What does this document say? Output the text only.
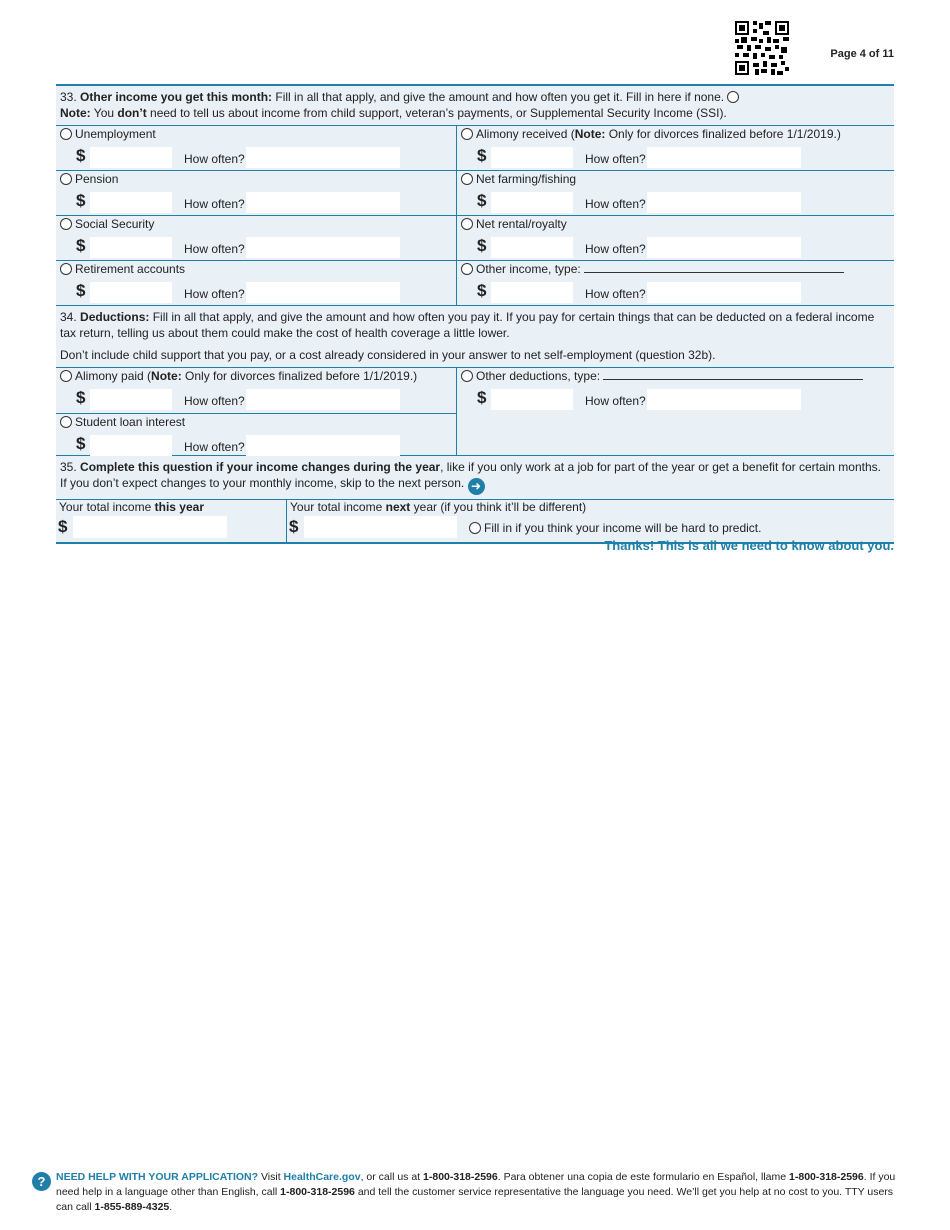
Page 4 of 11
33. Other income you get this month: Fill in all that apply, and give the amount and how often you get it. Fill in here if none.
Note: You don’t need to tell us about income from child support, veteran’s payments, or Supplemental Security Income (SSI).
Unemployment
$	How often?
Alimony received (Note: Only for divorces finalized before 1/1/2019.)
$	How often?
Pension
$	How often?
Net farming/fishing
$	How often?
Social Security
$	How often?
Net rental/royalty
$	How often?
Retirement accounts
$	How often?
Other income, type:
$	How often?
34. Deductions: Fill in all that apply, and give the amount and how often you pay it. If you pay for certain things that can be deducted on a federal income tax return, telling us about them could make the cost of health coverage a little lower.
Don’t include child support that you pay, or a cost already considered in your answer to net self-employment (question 32b).
Alimony paid (Note: Only for divorces finalized before 1/1/2019.)
$	How often?
Student loan interest
$	How often?
Other deductions, type:
$	How often?
35. Complete this question if your income changes during the year, like if you only work at a job for part of the year or get a benefit for certain months. If you don’t expect changes to your monthly income, skip to the next person. ➜
Your total income this year
$
Your total income next year (if you think it’ll be different)
$	Fill in if you think your income will be hard to predict.
Thanks! This is all we need to know about you.
?	NEED HELP WITH YOUR APPLICATION? Visit HealthCare.gov, or call us at 1-800-318-2596. Para obtener una copia de este formulario en Español, llame 1-800-318-2596. If you need help in a language other than English, call 1-800-318-2596 and tell the customer service representative the language you need. We’ll get you help at no cost to you. TTY users can call 1-855-889-4325.
